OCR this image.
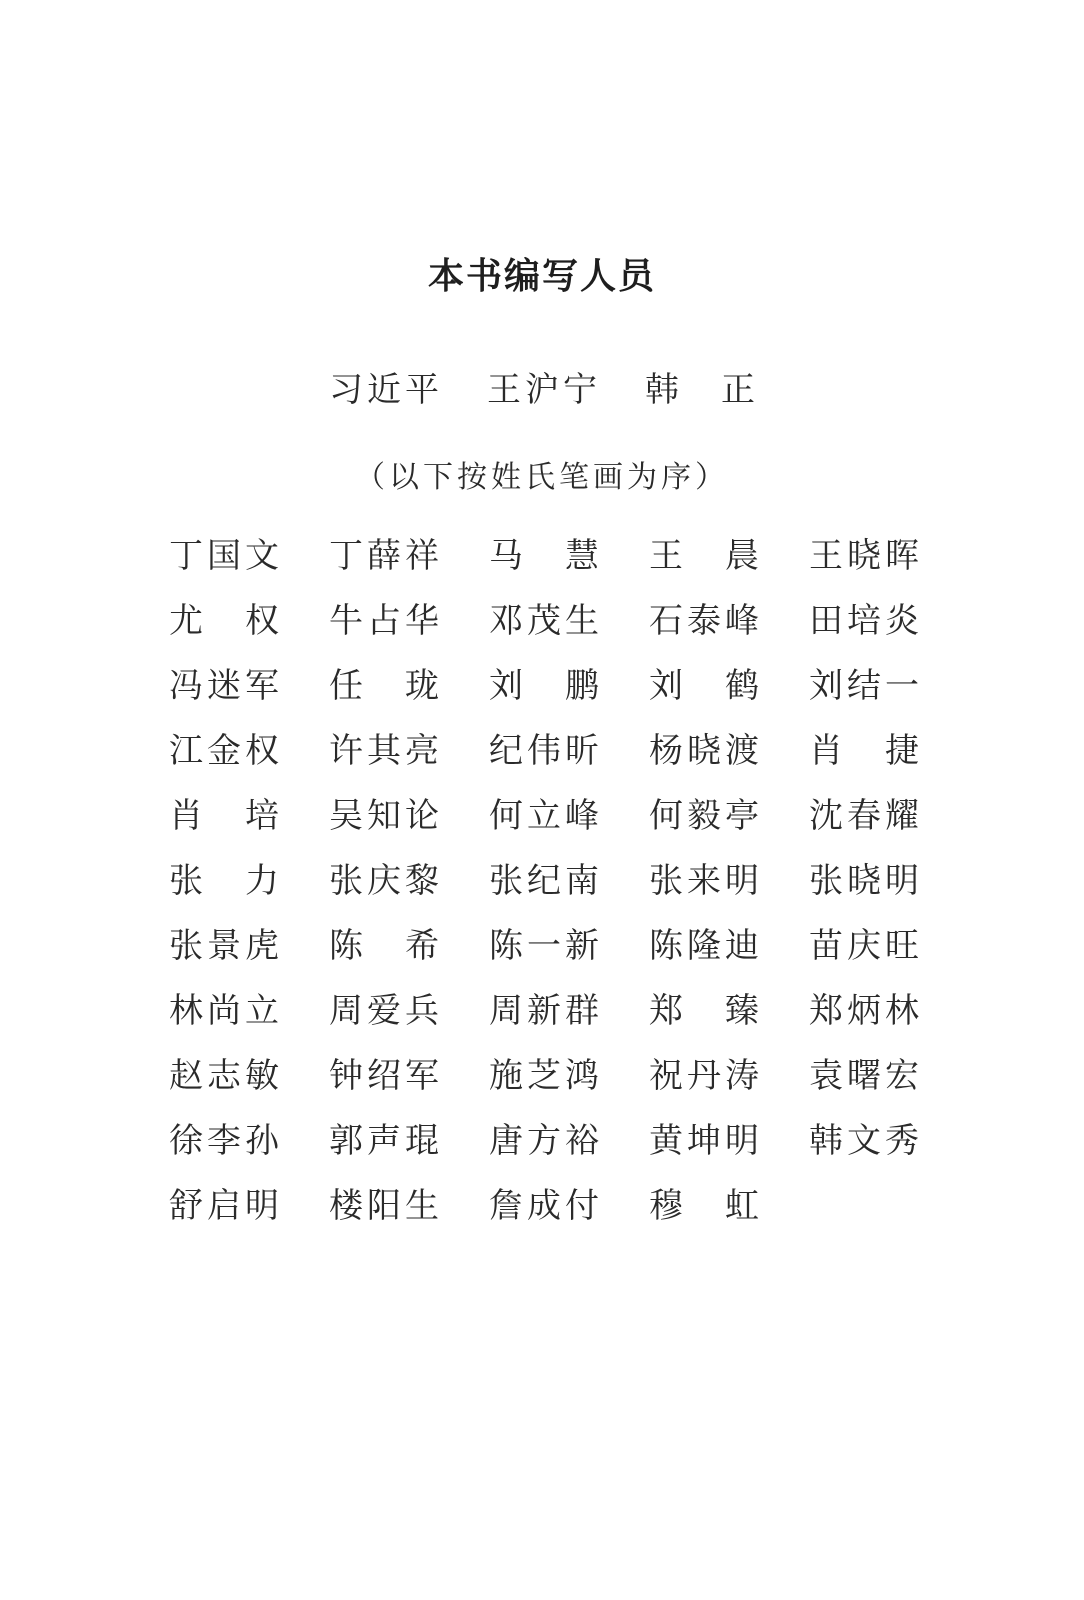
本书编写人员
习 近 平 王 沪 宁 韩 正
（以下按姓氏笔画为序）
丁 国 文 丁 薛 祥 马 慧 王 晨 王 晓 晖
尤 权 牛 占 华 邓 茂 生 石 泰 峰 田 培 炎
冯 迷 军 任 珑 刘 鹏 刘 鹤 刘 结 一
江 金 权 许 其 亮 纪 伟 昕 杨 晓 渡 肖 捷
肖 培 吴 知 论 何 立 峰 何 毅 亭 沈 春 耀
张 力 张 庆 黎 张 纪 南 张 来 明 张 晓 明
张 景 虎 陈 希 陈 一 新 陈 隆 迪 苗 庆 旺
林 尚 立 周 爱 兵 周 新 群 郑 臻 郑 炳 林
赵 志 敏 钟 绍 军 施 芝 鸿 祝 丹 涛 袁 曙 宏
徐 李 孙 郭 声 琨 唐 方 裕 黄 坤 明 韩 文 秀
舒 启 明 楼 阳 生 詹 成 付 穆 虹
